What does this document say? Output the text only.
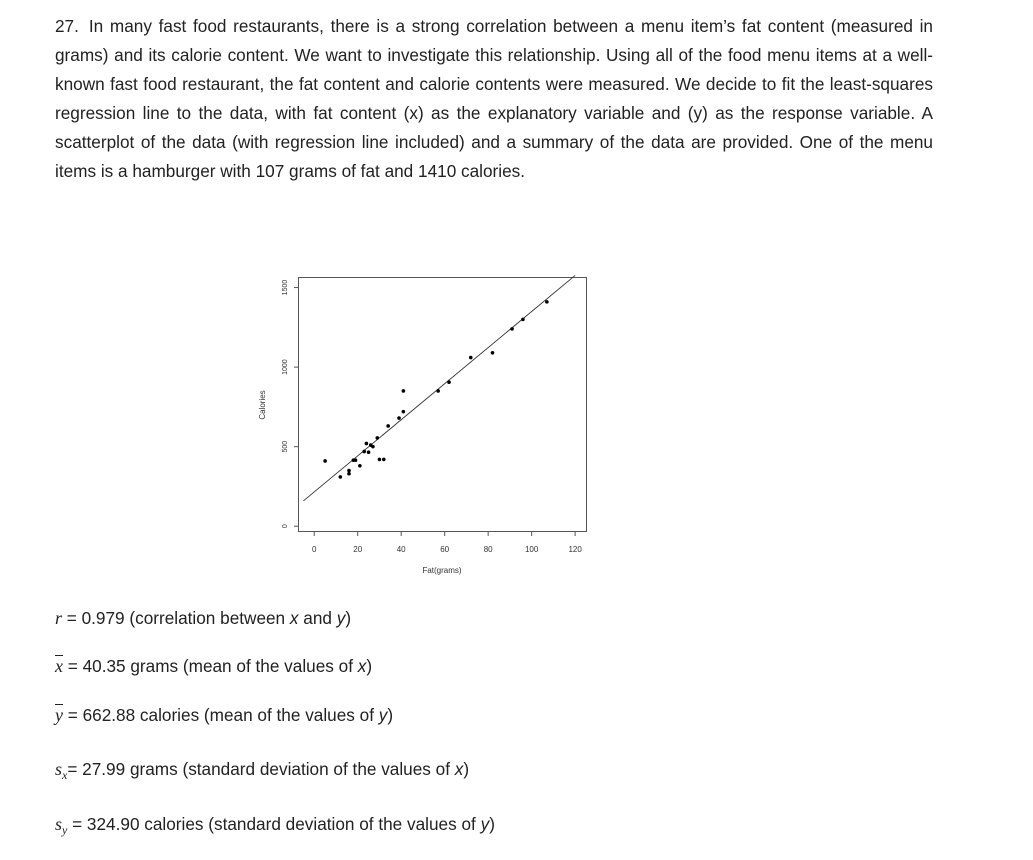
27. In many fast food restaurants, there is a strong correlation between a menu item’s fat content (measured in grams) and its calorie content. We want to investigate this relationship. Using all of the food menu items at a well-known fast food restaurant, the fat content and calorie contents were measured. We decide to fit the least-squares regression line to the data, with fat content (x) as the explanatory variable and (y) as the response variable. A scatterplot of the data (with regression line included) and a summary of the data are provided. One of the menu items is a hamburger with 107 grams of fat and 1410 calories.

0	20	40	60	80	100	120
0
500
1000
1500
Fat(grams)
Calories
r = 0.979 (correlation between x and y)
$\overline{x} = 40.35$ grams (mean of the values of x)
$\overline{y} = 662.88$ calories (mean of the values of y)
$s_x= 27.99$ grams (standard deviation of the values of x)
$s_y = 324.90$ calories (standard deviation of the values of y)
